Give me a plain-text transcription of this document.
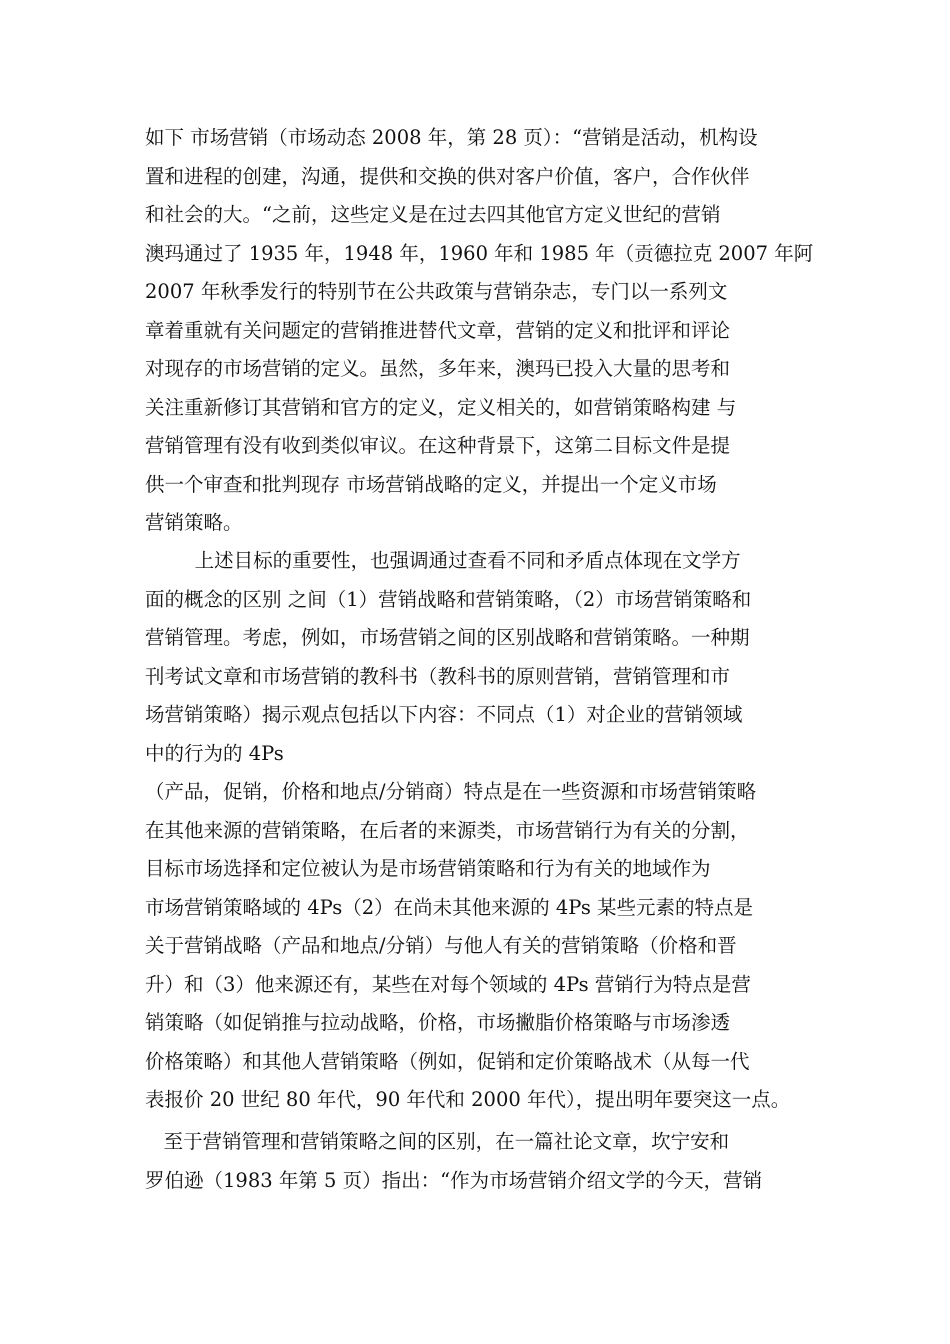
如下 市场营销（市场动态 2008 年，第 28 页）：“营销是活动，机构设
置和进程的创建，沟通，提供和交换的供对客户价值，客户，合作伙伴
和社会的大。“之前，这些定义是在过去四其他官方定义世纪的营销
澳玛通过了 1935 年，1948 年，1960 年和 1985 年（贡德拉克 2007 年阿
2007 年秋季发行的特别节在公共政策与营销杂志，专门以一系列文
章着重就有关问题定的营销推进替代文章，营销的定义和批评和评论
对现存的市场营销的定义。虽然，多年来，澳玛已投入大量的思考和
关注重新修订其营销和官方的定义，定义相关的，如营销策略构建 与
营销管理有没有收到类似审议。在这种背景下，这第二目标文件是提
供一个审查和批判现存 市场营销战略的定义，并提出一个定义市场
营销策略。
上述目标的重要性，也强调通过查看不同和矛盾点体现在文学方
面的概念的区别 之间（1）营销战略和营销策略，（2）市场营销策略和
营销管理。考虑，例如，市场营销之间的区别战略和营销策略。一种期
刊考试文章和市场营销的教科书（教科书的原则营销，营销管理和市
场营销策略）揭示观点包括以下内容：不同点（1）对企业的营销领域
中的行为的 4Ps
（产品，促销，价格和地点/分销商）特点是在一些资源和市场营销策略
在其他来源的营销策略，在后者的来源类，市场营销行为有关的分割，
目标市场选择和定位被认为是市场营销策略和行为有关的地域作为
市场营销策略域的 4Ps（2）在尚未其他来源的 4Ps 某些元素的特点是
关于营销战略（产品和地点/分销）与他人有关的营销策略（价格和晋
升）和（3）他来源还有，某些在对每个领域的 4Ps 营销行为特点是营
销策略（如促销推与拉动战略，价格，市场撇脂价格策略与市场渗透
价格策略）和其他人营销策略（例如，促销和定价策略战术（从每一代
表报价 20 世纪 80 年代，90 年代和 2000 年代），提出明年要突这一点。
至于营销管理和营销策略之间的区别，在一篇社论文章，坎宁安和
罗伯逊（1983 年第 5 页）指出：“作为市场营销介绍文学的今天，营销
